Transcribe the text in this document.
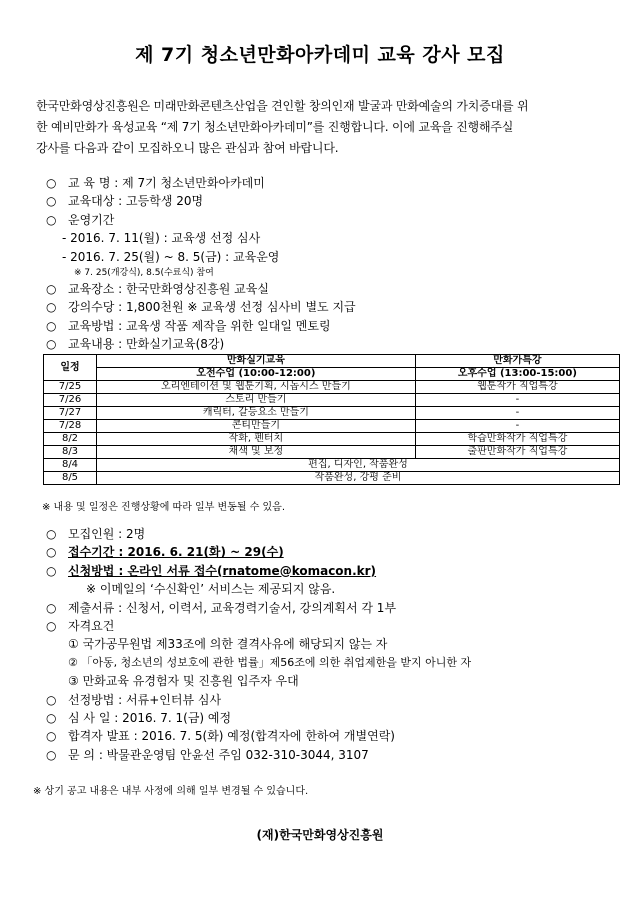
제 7기 청소년만화아카데미 교육 강사 모집
한국만화영상진흥원은 미래만화콘텐츠산업을 견인할 창의인재 발굴과 만화예술의 가치증대를 위
한 예비만화가 육성교육 “제 7기 청소년만화아카데미”를 진행합니다. 이에 교육을 진행해주실
강사를 다음과 같이 모집하오니 많은 관심과 참여 바랍니다.
○ 교 육 명 : 제 7기 청소년만화아카데미
○ 교육대상 : 고등학생 20명
○ 운영기간
- 2016. 7. 11(월) : 교육생 선정 심사
- 2016. 7. 25(월) ~ 8. 5(금) : 교육운영
※ 7. 25(개강식), 8.5(수료식) 참여
○ 교육장소 : 한국만화영상진흥원 교육실
○ 강의수당 : 1,800천원 ※ 교육생 선정 심사비 별도 지급
○ 교육방법 : 교육생 작품 제작을 위한 일대일 멘토링
○ 교육내용 : 만화실기교육(8강)
일정	만화실기교육	만화가특강
	오전수업 (10:00-12:00)	오후수업 (13:00-15:00)
7/25	오리엔테이션 및 웹툰기획, 시놉시스 만들기	웹툰작가 직업특강
7/26	스토리 만들기	-
7/27	캐릭터, 갈등요소 만들기	-
7/28	콘티만들기	-
8/2	작화, 펜터치	학습만화작가 직업특강
8/3	채색 및 보정	출판만화작가 직업특강
8/4	편집, 디자인, 작품완성	
8/5	작품완성, 강평 준비	
※ 내용 및 일정은 진행상황에 따라 일부 변동될 수 있음.
○ 모집인원 : 2명
○ 접수기간 : 2016. 6. 21(화) ~ 29(수)
○ 신청방법 : 온라인 서류 접수(rnatome@komacon.kr)
※ 이메일의 ‘수신확인’ 서비스는 제공되지 않음.
○ 제출서류 : 신청서, 이력서, 교육경력기술서, 강의계획서 각 1부
○ 자격요건
① 국가공무원법 제33조에 의한 결격사유에 해당되지 않는 자
② 「아동, 청소년의 성보호에 관한 법률」제56조에 의한 취업제한을 받지 아니한 자
③ 만화교육 유경험자 및 진흥원 입주자 우대
○ 선정방법 : 서류+인터뷰 심사
○ 심 사 일 : 2016. 7. 1(금) 예정
○ 합격자 발표 : 2016. 7. 5(화) 예정(합격자에 한하여 개별연락)
○ 문 의 : 박물관운영팀 안윤선 주임 032-310-3044, 3107
※ 상기 공고 내용은 내부 사정에 의해 일부 변경될 수 있습니다.
(재)한국만화영상진흥원
